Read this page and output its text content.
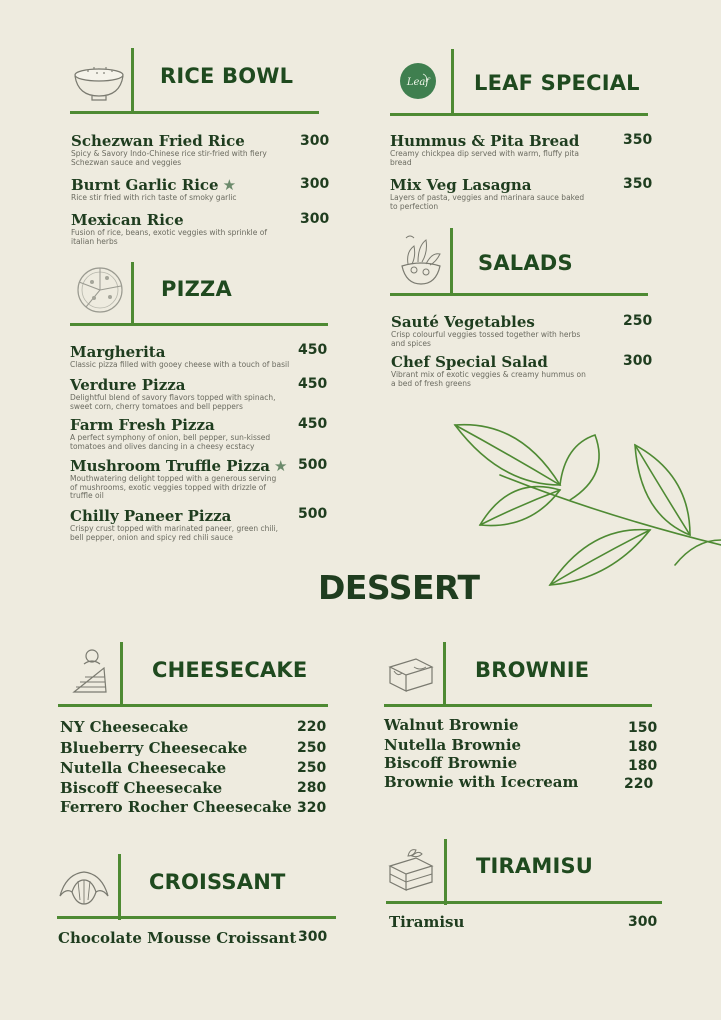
RICE BOWL
Schezwan Fried Rice
Spicy & Savory Indo-Chinese rice stir-fried with fiery Schezwan sauce and veggies
300
Burnt Garlic Rice ★
Rice stir fried with rich taste of smoky garlic
300
Mexican Rice
Fusion of rice, beans, exotic veggies with sprinkle of italian herbs
300
Leaf LEAF SPECIAL
Hummus & Pita Bread
Creamy chickpea dip served with warm, fluffy pita bread
350
Mix Veg Lasagna
Layers of pasta, veggies and marinara sauce baked to perfection
350
PIZZA
Margherita
Classic pizza filled with gooey cheese with a touch of basil
450
Verdure Pizza
Delightful blend of savory flavors topped with spinach, sweet corn, cherry tomatoes and bell peppers
450
Farm Fresh Pizza
A perfect symphony of onion, bell pepper, sun-kissed tomatoes and olives dancing in a cheesy ecstacy
450
Mushroom Truffle Pizza ★
Mouthwatering delight topped with a generous serving of mushrooms, exotic veggies topped with drizzle of truffle oil
500
Chilly Paneer Pizza
Crispy crust topped with marinated paneer, green chili, bell pepper, onion and spicy red chili sauce
500
SALADS
Sauté Vegetables
Crisp colourful veggies tossed together with herbs and spices
250
Chef Special Salad
Vibrant mix of exotic veggies & creamy hummus on a bed of fresh greens
300
DESSERT
CHEESECAKE
NY Cheesecake	220
Blueberry Cheesecake	250
Nutella Cheesecake	250
Biscoff Cheesecake	280
Ferrero Rocher Cheesecake 320
BROWNIE
Walnut Brownie	150
Nutella Brownie	180
Biscoff Brownie	180
Brownie with Icecream	220
CROISSANT
Chocolate Mousse Croissant 300
TIRAMISU
Tiramisu	300
